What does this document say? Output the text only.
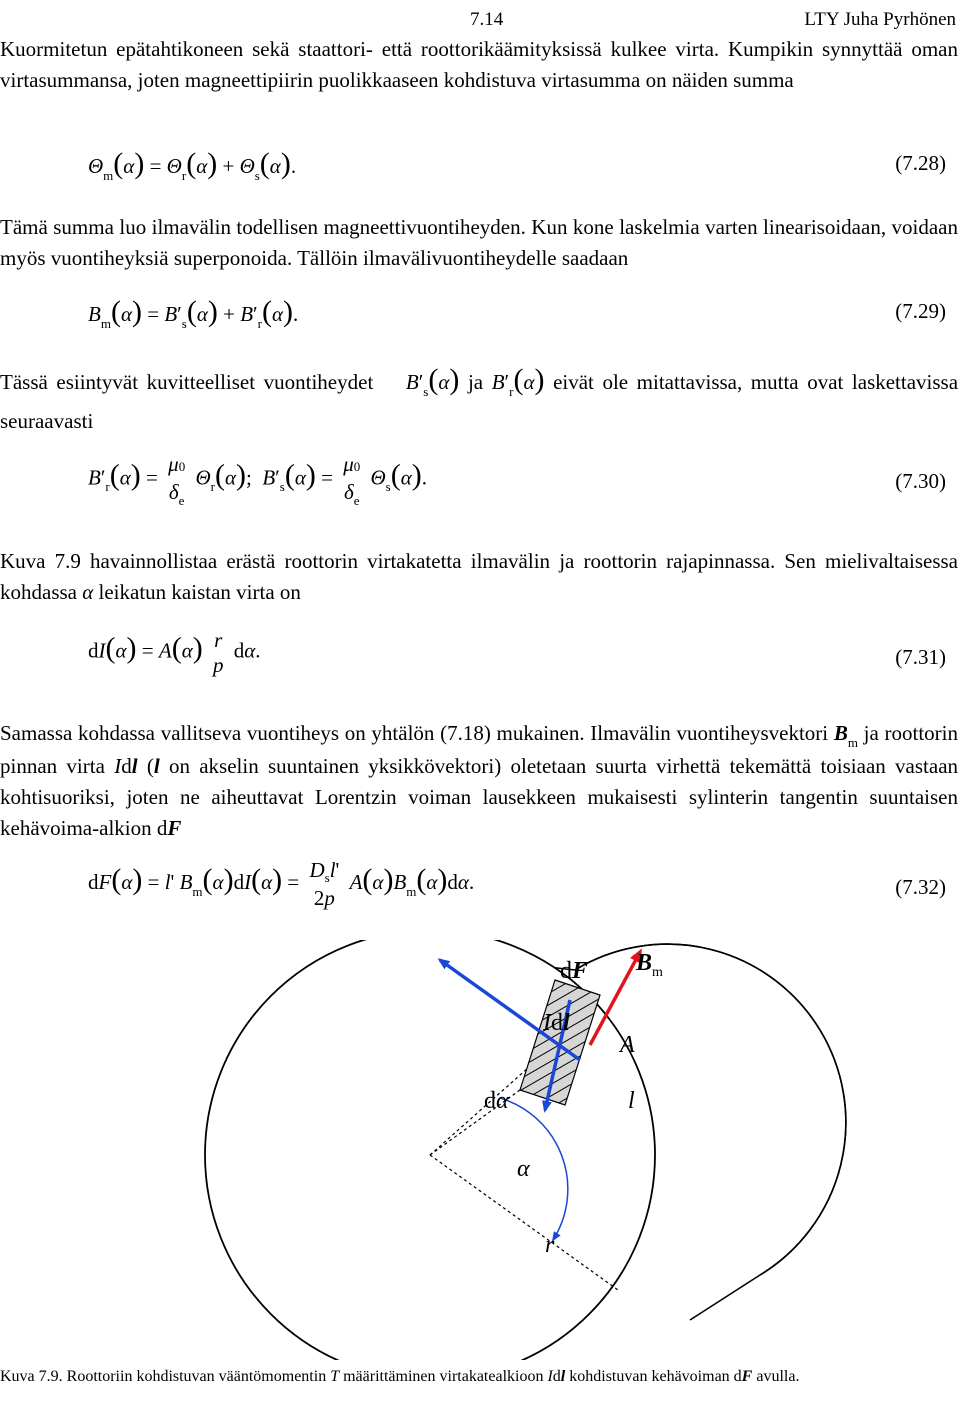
7.14	LTY Juha Pyrhönen
Kuormitetun epätahtikoneen sekä staattori- että roottorikäämityksissä kulkee virta. Kumpikin synnyttää oman virtasummansa, joten magneettipiirin puolikkaaseen kohdistuva virtasumma on näiden summa
$\Theta_m(\alpha) = \Theta_r(\alpha) + \Theta_s(\alpha)$.	(7.28)
Tämä summa luo ilmavälin todellisen magneettivuontiheyden. Kun kone laskelmia varten linearisoidaan, voidaan myös vuontiheyksiä superponoida. Tällöin ilmavälivuontiheydelle saadaan
$B_m(\alpha) = B'_s(\alpha) + B'_r(\alpha)$.	(7.29)
Tässä esiintyvät kuvitteelliset vuontiheydet $B'_s(\alpha)$ ja $B'_r(\alpha)$ eivät ole mitattavissa, mutta ovat laskettavissa seuraavasti
$B'_r(\alpha)$ =
μ0
$\delta_e$
$\Theta_r(\alpha)$;  $B'_s(\alpha)$ =
μ0
$\delta_e$
$\Theta_s(\alpha)$.	(7.30)
Kuva 7.9 havainnollistaa erästä roottorin virtakatetta ilmavälin ja roottorin rajapinnassa. Sen mielivaltaisessa kohdassa α leikatun kaistan virta on
dI(α) = A(α) r
p
dα.	(7.31)
Samassa kohdassa vallitseva vuontiheys on yhtälön (7.18) mukainen. Ilmavälin vuontiheysvektori $B_m$ ja roottorin pinnan virta Idl (l on akselin suuntainen yksikkövektori) oletetaan suurta virhettä tekemättä toisiaan vastaan kohtisuoriksi, joten ne aiheuttavat Lorentzin voiman lausekkeen mukaisesti sylinterin tangentin suuntaisen kehävoima-alkion dF
dF(α) = l' $B_m(\alpha)dI(\alpha) = D_sl'$
2p
$A(\alpha)B_m(\alpha)d\alpha$.	(7.32)
dF $B_m$
Idl
A
l
dα
α
r
Kuva 7.9. Roottoriin kohdistuvan vääntömomentin T määrittäminen virtakatealkioon Idl kohdistuvan kehävoiman dF avulla.
